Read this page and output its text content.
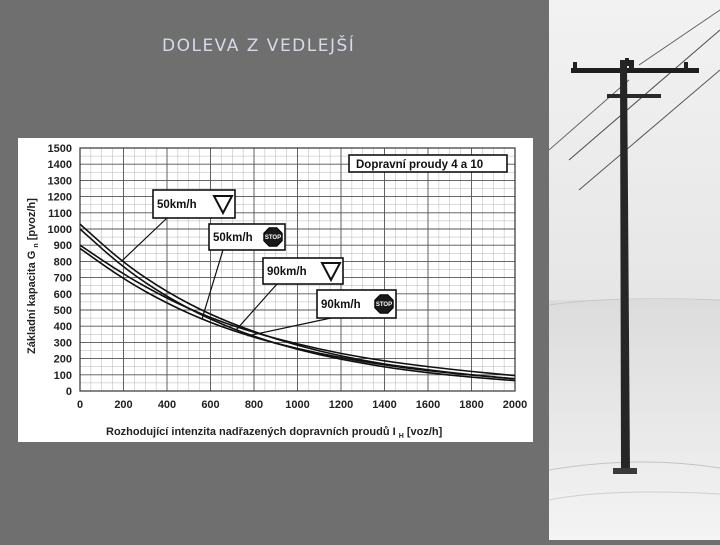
DOLEVA Z VEDLEJŠÍ
0
100
200
300
400
500
600
700
800
900
1000
1100
1200
1300
1400
1500
0	200 400 600 800 1000 1200 1400 1600 1800 2000
50km/h
50km/h STOP
90km/h
90km/h	STOP
Dopravní proudy 4 a 10
Rozhodující intenzita nadřazených dopravních proudů I $_H$ [voz/h]
Základní kapacita G $_n$ [pvoz/h]
